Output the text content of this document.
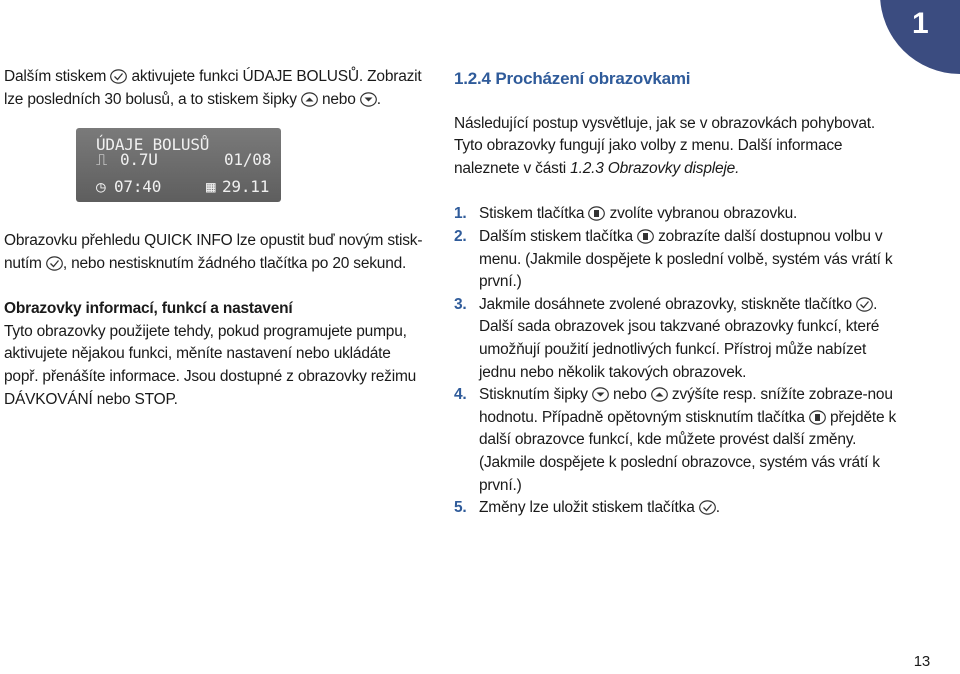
1

Dalším stiskem aktivujete funkci ÚDAJE BOLUSŮ. Zobrazit
lze posledních 30 bolusů, a to stiskem šipky nebo .

ÚDAJE BOLUSŮ
⎍ 0.7U	01/08
◷ 07:40	▦ 29.11

Obrazovku přehledu QUICK INFO lze opustit buď novým stisk-
nutím , nebo nestisknutím žádného tlačítka po 20 sekund.

Obrazovky informací, funkcí a nastavení

Tyto obrazovky použijete tehdy, pokud programujete pumpu, aktivujete nějakou funkci, měníte nastavení nebo ukládáte popř. přenášíte informace. Jsou dostupné z obrazovky režimu DÁVKOVÁNÍ nebo STOP.

1.2.4 Procházení obrazovkami

Následující postup vysvětluje, jak se v obrazovkách pohybovat. Tyto obrazovky fungují jako volby z menu. Další informace naleznete v části 1.2.3 Obrazovky displeje.

1. Stiskem tlačítka zvolíte vybranou obrazovku.
2. Dalším stiskem tlačítka zobrazíte další dostupnou volbu v menu. (Jakmile dospějete k poslední volbě, systém vás vrátí k první.)
3. Jakmile dosáhnete zvolené obrazovky, stiskněte tlačítko . Další sada obrazovek jsou takzvané obrazovky funkcí, které umožňují použití jednotlivých funkcí. Přístroj může nabízet jednu nebo několik takových obrazovek.
4. Stisknutím šipky nebo zvýšíte resp. snížíte zobraze-nou hodnotu. Případně opětovným stisknutím tlačítka přejděte k další obrazovce funkcí, kde můžete provést další změny. (Jakmile dospějete k poslední obrazovce, systém vás vrátí k první.)
5. Změny lze uložit stiskem tlačítka .
13
